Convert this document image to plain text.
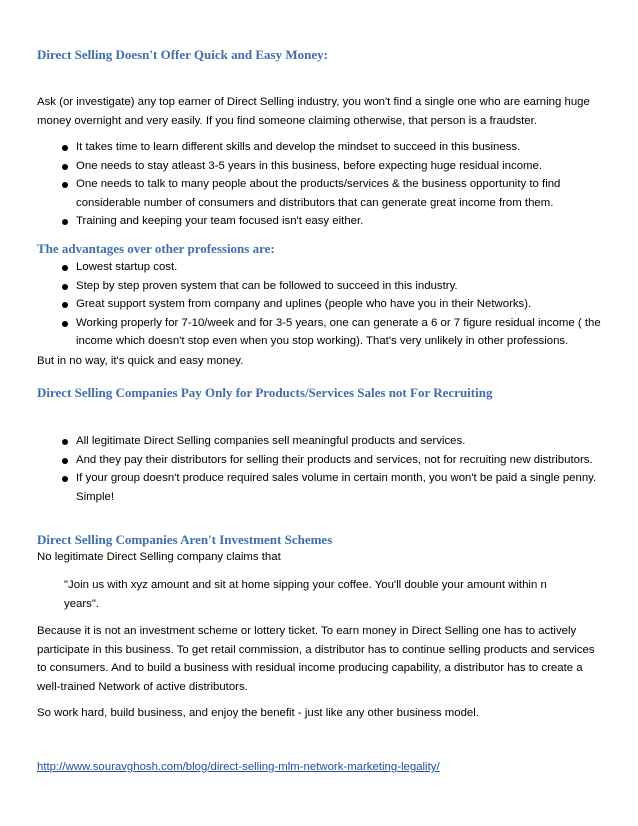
Direct Selling Doesn't Offer Quick and Easy Money:

Ask (or investigate) any top earner of Direct Selling industry, you won't find a single one who are earning huge money overnight and very easily. If you find someone claiming otherwise, that person is a fraudster.

It takes time to learn different skills and develop the mindset to succeed in this business.
One needs to stay atleast 3-5 years in this business, before expecting huge residual income.
One needs to talk to many people about the products/services & the business opportunity to find considerable number of consumers and distributors that can generate great income from them.
Training and keeping your team focused isn't easy either.
The advantages over other professions are:
Lowest startup cost.
Step by step proven system that can be followed to succeed in this industry.
Great support system from company and uplines (people who have you in their Networks).
Working properly for 7-10/week and for 3-5 years, one can generate a 6 or 7 figure residual income ( the income which doesn't stop even when you stop working). That's very unlikely in other professions.

But in no way, it's quick and easy money.

Direct Selling Companies Pay Only for Products/Services Sales not For Recruiting
All legitimate Direct Selling companies sell meaningful products and services.
And they pay their distributors for selling their products and services, not for recruiting new distributors.
If your group doesn't produce required sales volume in certain month, you won't be paid a single penny. Simple!
Direct Selling Companies Aren't Investment Schemes

No legitimate Direct Selling company claims that

"Join us with xyz amount and sit at home sipping your coffee. You'll double your amount within n years".

Because it is not an investment scheme or lottery ticket. To earn money in Direct Selling one has to actively participate in this business. To get retail commission, a distributor has to continue selling products and services to consumers. And to build a business with residual income producing capability, a distributor has to create a well-trained Network of active distributors.

So work hard, build business, and enjoy the benefit - just like any other business model.

http://www.souravghosh.com/blog/direct-selling-mlm-network-marketing-legality/
